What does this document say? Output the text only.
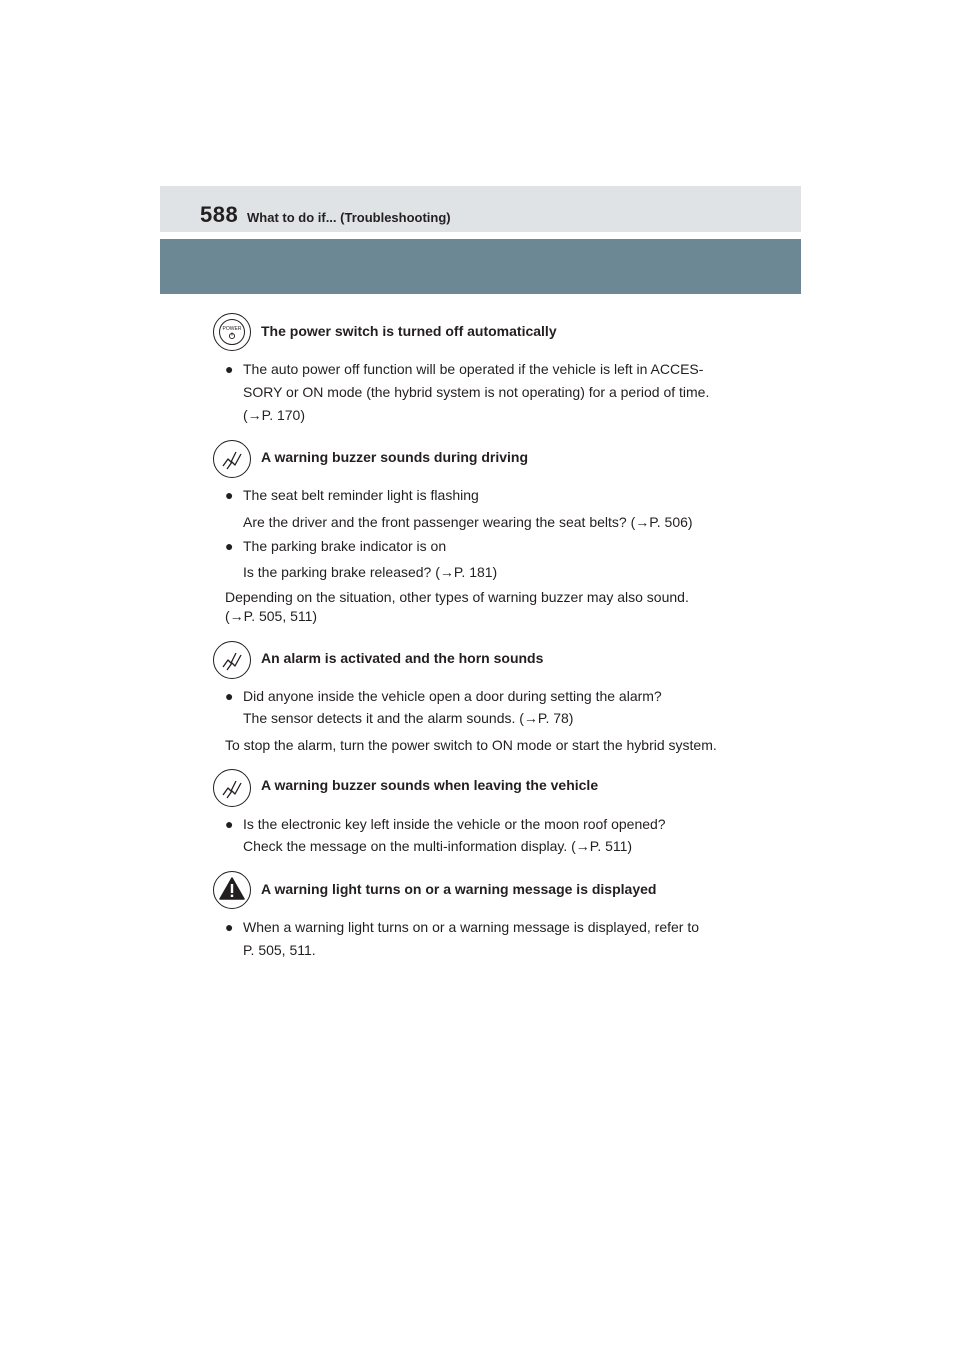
588 What to do if... (Troubleshooting)
POWER The power switch is turned off automatically
● The auto power off function will be operated if the vehicle is left in ACCES-
SORY or ON mode (the hybrid system is not operating) for a period of time.
(→P. 170)
A warning buzzer sounds during driving
● The seat belt reminder light is flashing
Are the driver and the front passenger wearing the seat belts? (→P. 506)
● The parking brake indicator is on
Is the parking brake released? (→P. 181)
Depending on the situation, other types of warning buzzer may also sound.
(→P. 505, 511)
An alarm is activated and the horn sounds
● Did anyone inside the vehicle open a door during setting the alarm?
The sensor detects it and the alarm sounds. (→P. 78)
To stop the alarm, turn the power switch to ON mode or start the hybrid system.
A warning buzzer sounds when leaving the vehicle
● Is the electronic key left inside the vehicle or the moon roof opened?
Check the message on the multi-information display. (→P. 511)
A warning light turns on or a warning message is displayed
● When a warning light turns on or a warning message is displayed, refer to
P. 505, 511.
